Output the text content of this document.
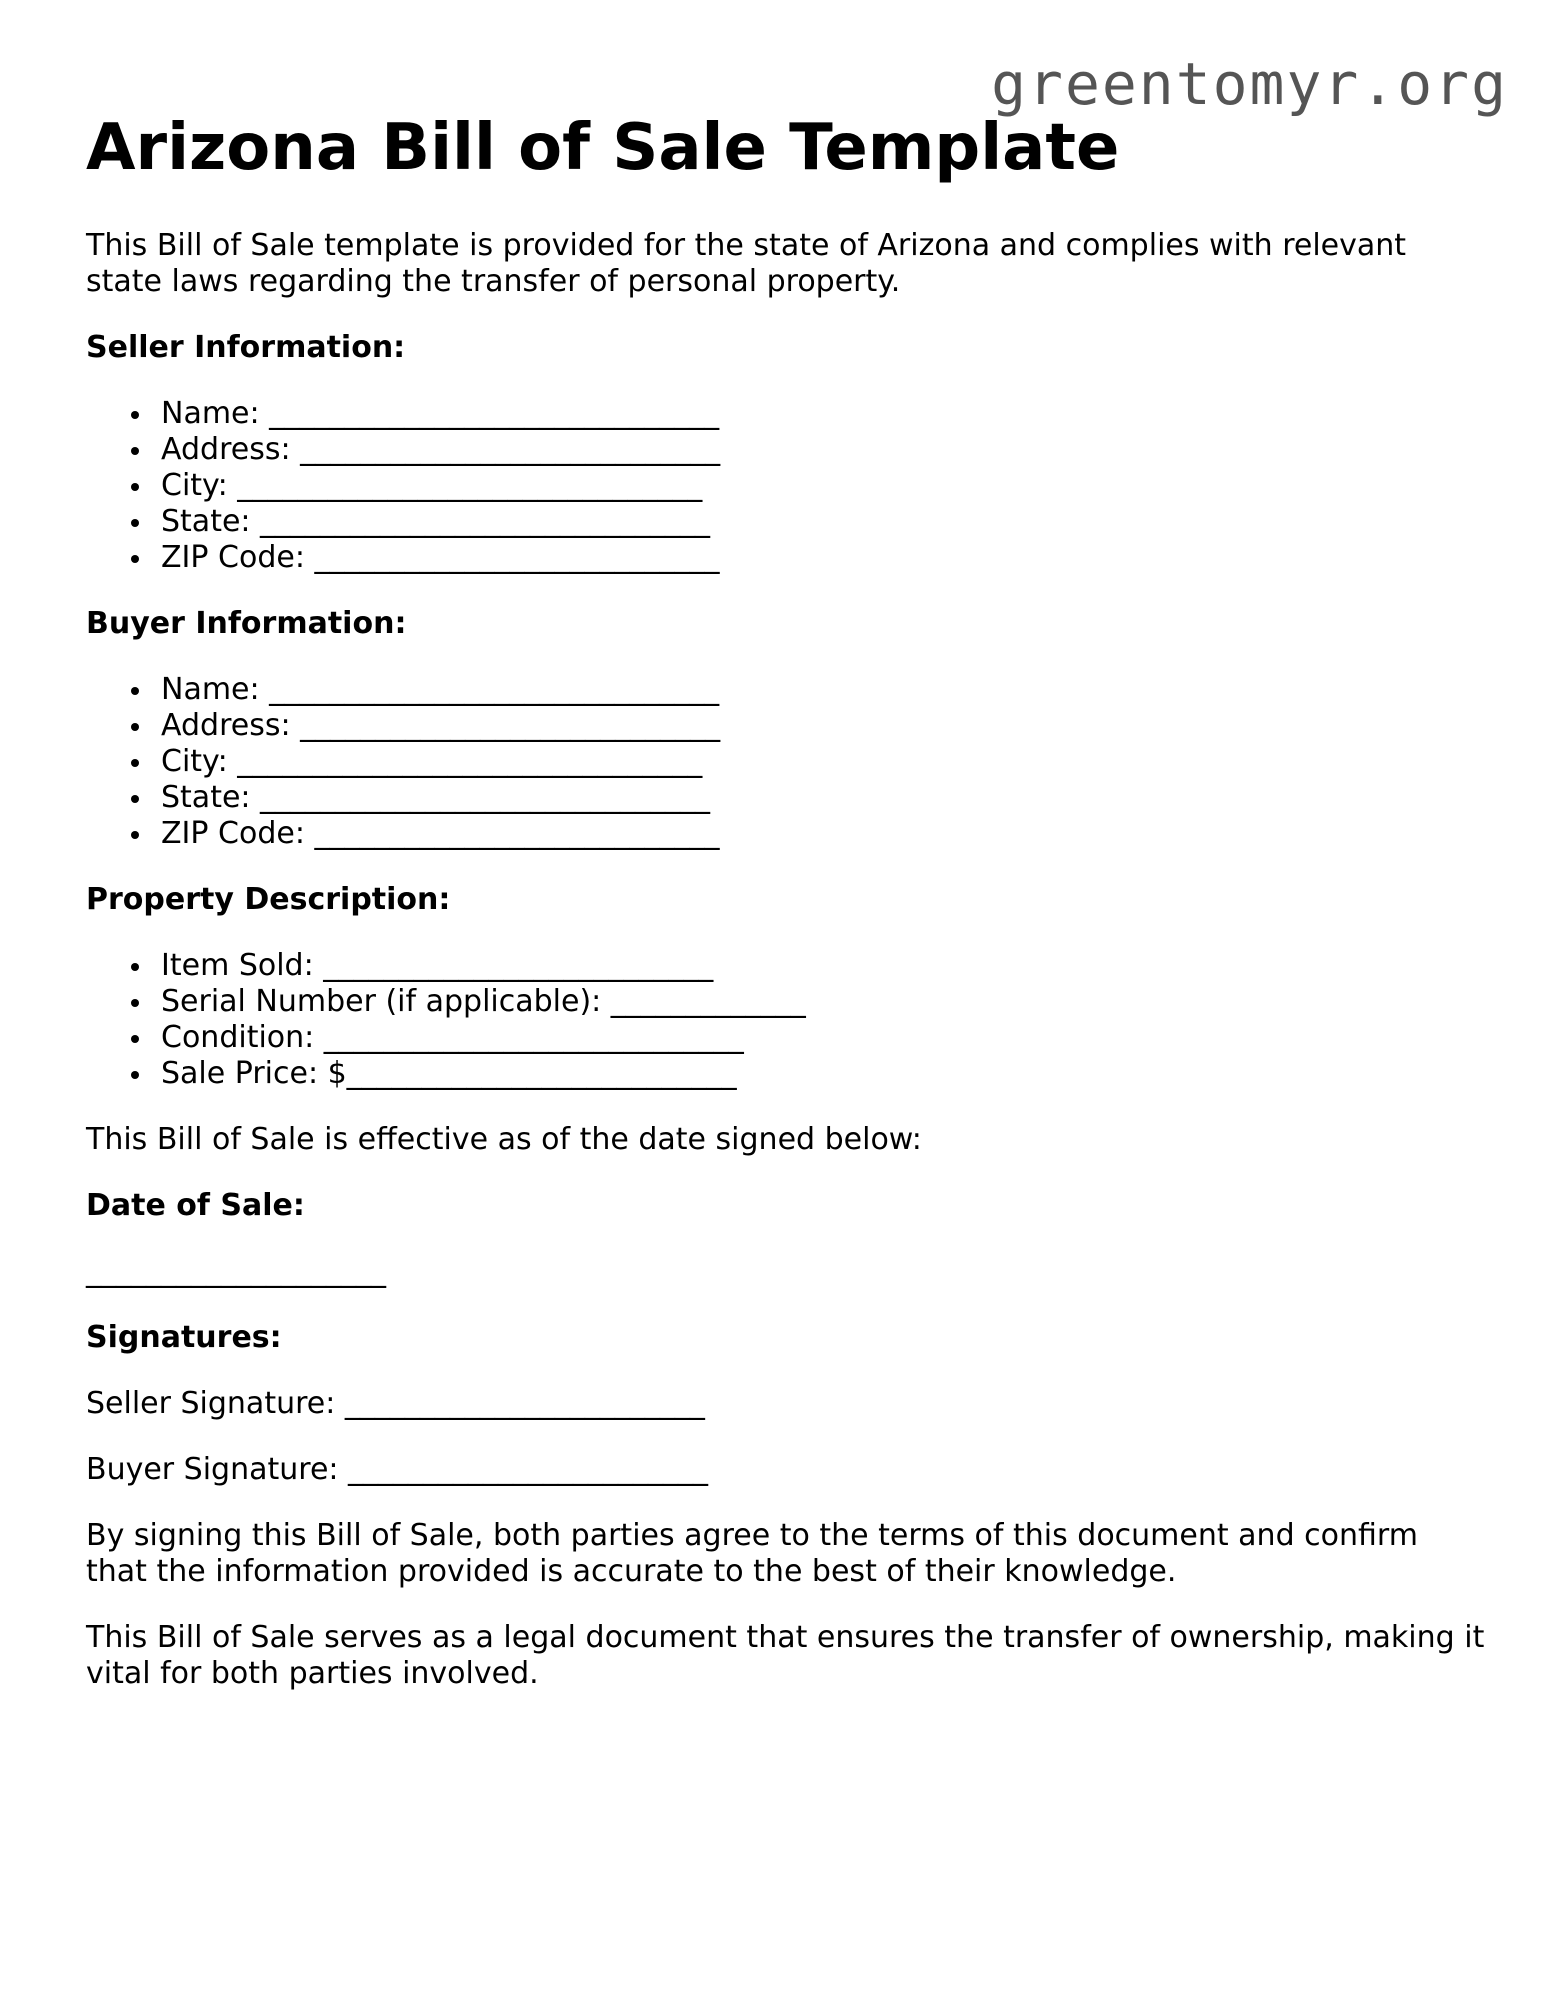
greentomyr.org
Arizona Bill of Sale Template

This Bill of Sale template is provided for the state of Arizona and complies with relevant state laws regarding the transfer of personal property.

Seller Information:
Name: ______________________________
Address: ____________________________
City: _______________________________
State: ______________________________
ZIP Code: ___________________________
Buyer Information:
Name: ______________________________
Address: ____________________________
City: _______________________________
State: ______________________________
ZIP Code: ___________________________
Property Description:
Item Sold: __________________________
Serial Number (if applicable): _____________
Condition: ____________________________
Sale Price: $__________________________

This Bill of Sale is effective as of the date signed below:

Date of Sale:

____________________

Signatures:

Seller Signature: ________________________

Buyer Signature: ________________________

By signing this Bill of Sale, both parties agree to the terms of this document and confirm that the information provided is accurate to the best of their knowledge.

This Bill of Sale serves as a legal document that ensures the transfer of ownership, making it vital for both parties involved.
